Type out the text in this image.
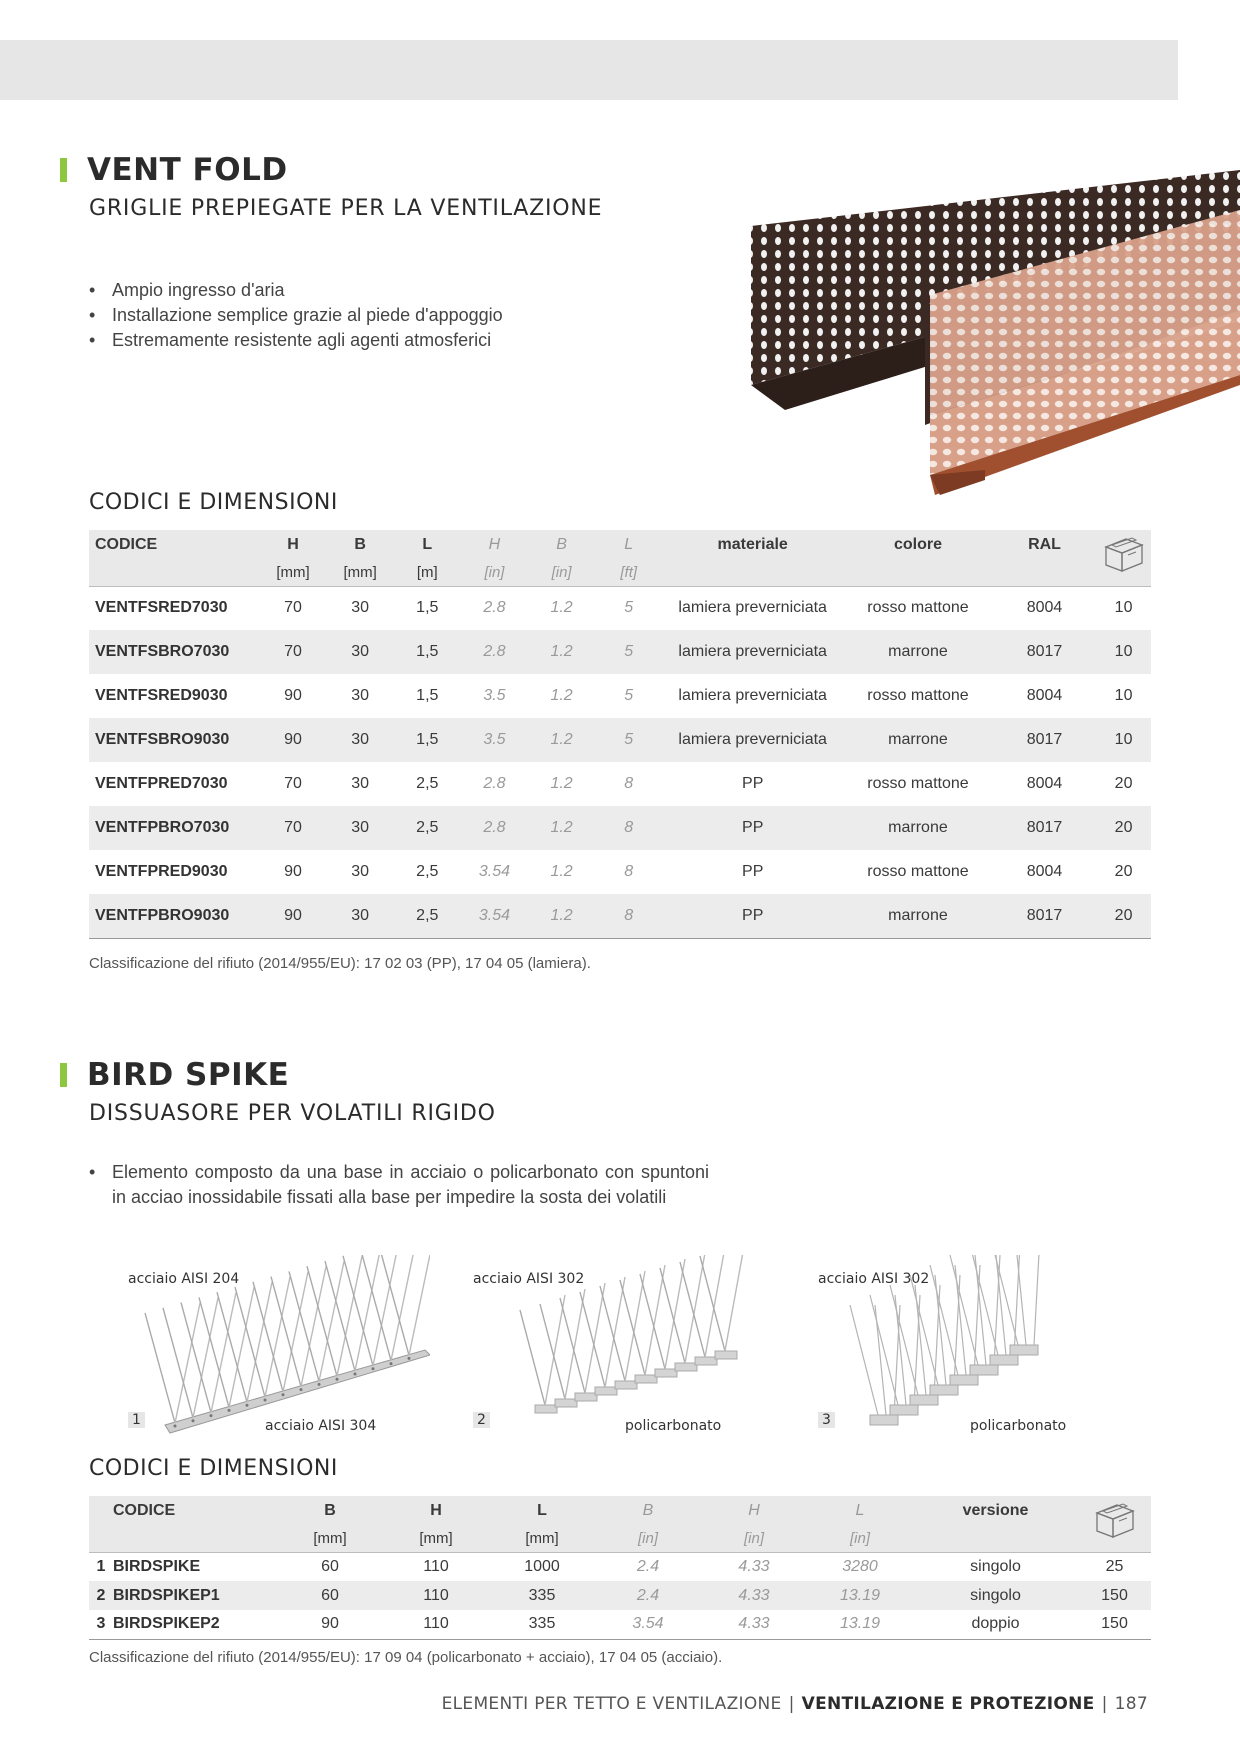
VENT FOLD
GRIGLIE PREPIEGATE PER LA VENTILAZIONE
• Ampio ingresso d'aria
• Installazione semplice grazie al piede d'appoggio
• Estremamente resistente agli agenti atmosferici
CODICI E DIMENSIONI
CODICE	H	B	L	H	B	L	materiale	colore	RAL	
	[mm]	[mm]	[m]	[in]	[in]	[ft]				
VENTFSRED7030	70	30	1,5	2.8	1.2	5	lamiera preverniciata	rosso mattone	8004	10
VENTFSBRO7030	70	30	1,5	2.8	1.2	5	lamiera preverniciata	marrone	8017	10
VENTFSRED9030	90	30	1,5	3.5	1.2	5	lamiera preverniciata	rosso mattone	8004	10
VENTFSBRO9030	90	30	1,5	3.5	1.2	5	lamiera preverniciata	marrone	8017	10
VENTFPRED7030	70	30	2,5	2.8	1.2	8	PP	rosso mattone	8004	20
VENTFPBRO7030	70	30	2,5	2.8	1.2	8	PP	marrone	8017	20
VENTFPRED9030	90	30	2,5	3.54	1.2	8	PP	rosso mattone	8004	20
VENTFPBRO9030	90	30	2,5	3.54	1.2	8	PP	marrone	8017	20
Classificazione del rifiuto (2014/955/EU): 17 02 03 (PP), 17 04 05 (lamiera).
BIRD SPIKE
DISSUASORE PER VOLATILI RIGIDO
• Elemento composto da una base in acciaio o policarbonato con spuntoni in acciao inossidabile fissati alla base per impedire la sosta dei volatili
acciaio AISI 204
acciaio AISI 304
1
acciaio AISI 302
policarbonato
2
acciaio AISI 302
policarbonato
3
CODICI E DIMENSIONI
	CODICE	B	H	L	B	H	L	versione	
		[mm]	[mm]	[mm]	[in]	[in]	[in]		
1	BIRDSPIKE	60	110	1000	2.4	4.33	3280	singolo	25
2	BIRDSPIKEP1	60	110	335	2.4	4.33	13.19	singolo	150
3	BIRDSPIKEP2	90	110	335	3.54	4.33	13.19	doppio	150
Classificazione del rifiuto (2014/955/EU): 17 09 04 (policarbonato + acciaio), 17 04 05 (acciaio).
ELEMENTI PER TETTO E VENTILAZIONE | VENTILAZIONE E PROTEZIONE | 187
